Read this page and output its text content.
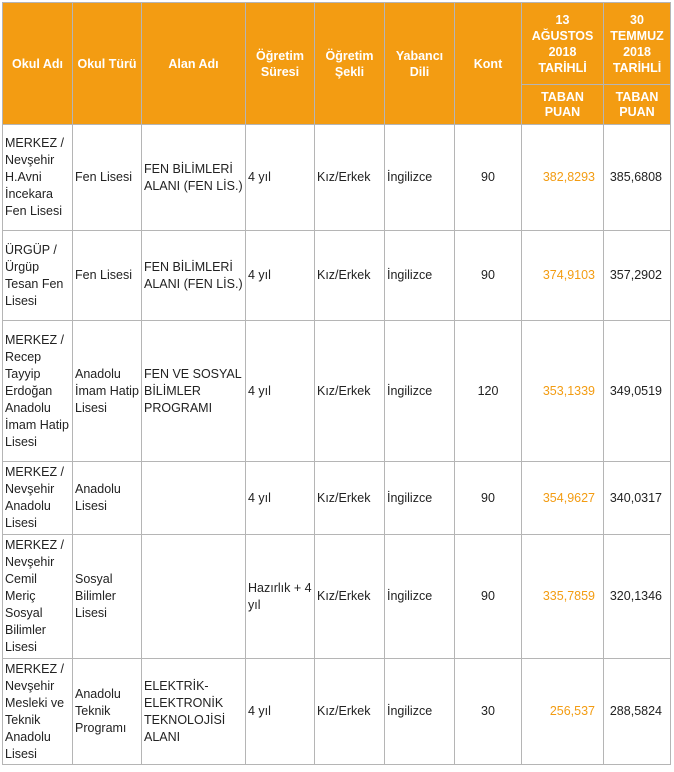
Okul Adı	Okul Türü	Alan Adı	Öğretim Süresi	Öğretim Şekli	Yabancı Dili	Kont	13 AĞUSTOS 2018 TARİHLİ	30 TEMMUZ 2018 TARİHLİ
							TABAN PUAN	TABAN PUAN
MERKEZ / Nevşehir H.Avni İncekara Fen Lisesi	Fen Lisesi	FEN BİLİMLERİ ALANI (FEN LİS.)	4 yıl	Kız/Erkek	İngilizce	90	382,8293	385,6808
ÜRGÜP / Ürgüp Tesan Fen Lisesi	Fen Lisesi	FEN BİLİMLERİ ALANI (FEN LİS.)	4 yıl	Kız/Erkek	İngilizce	90	374,9103	357,2902
MERKEZ / Recep Tayyip Erdoğan Anadolu İmam Hatip Lisesi	Anadolu İmam Hatip Lisesi	FEN VE SOSYAL BİLİMLER PROGRAMI	4 yıl	Kız/Erkek	İngilizce	120	353,1339	349,0519
MERKEZ / Nevşehir Anadolu Lisesi	Anadolu Lisesi		4 yıl	Kız/Erkek	İngilizce	90	354,9627	340,0317
MERKEZ / Nevşehir Cemil Meriç Sosyal Bilimler Lisesi	Sosyal Bilimler Lisesi		Hazırlık + 4 yıl	Kız/Erkek	İngilizce	90	335,7859	320,1346
MERKEZ / Nevşehir Mesleki ve Teknik Anadolu Lisesi	Anadolu Teknik Programı	ELEKTRİK-ELEKTRONİK TEKNOLOJİSİ ALANI	4 yıl	Kız/Erkek	İngilizce	30	256,537	288,5824
